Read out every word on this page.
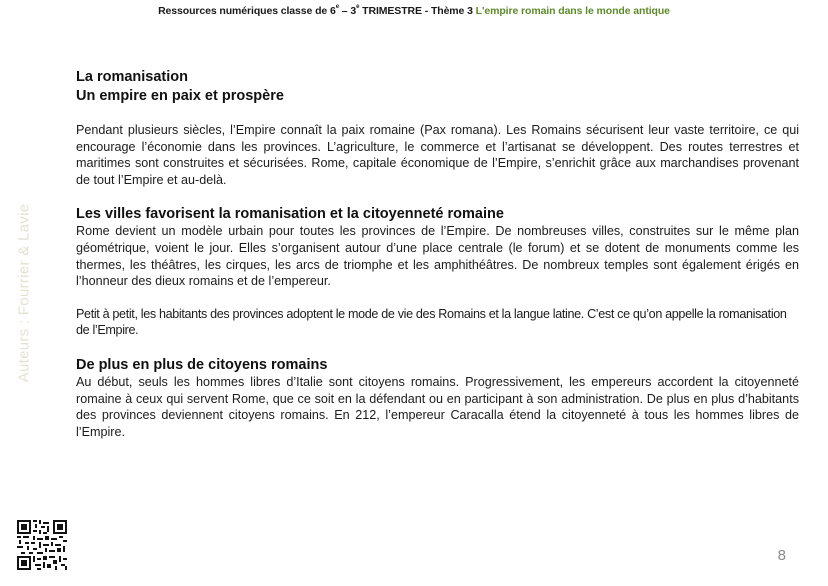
Ressources numériques classe de 6e – 3e TRIMESTRE - Thème 3 L'empire romain dans le monde antique
Auteurs : Fourrier & Lavie
La romanisation
Un empire en paix et prospère

Pendant plusieurs siècles, l’Empire connaît la paix romaine (Pax romana). Les Romains sécurisent leur vaste territoire, ce qui encourage l’économie dans les provinces. L’agriculture, le commerce et l’artisanat se développent. Des routes terrestres et maritimes sont construites et sécurisées. Rome, capitale économique de l’Empire, s’enrichit grâce aux marchandises provenant de tout l’Empire et au-delà.

Les villes favorisent la romanisation et la citoyenneté romaine

Rome devient un modèle urbain pour toutes les provinces de l’Empire. De nombreuses villes, construites sur le même plan géométrique, voient le jour. Elles s’organisent autour d’une place centrale (le forum) et se dotent de monuments comme les thermes, les théâtres, les cirques, les arcs de triomphe et les amphithéâtres. De nombreux temples sont également érigés en l’honneur des dieux romains et de l’empereur.

Petit à petit, les habitants des provinces adoptent le mode de vie des Romains et la langue latine. C’est ce qu’on appelle la romanisation de l’Empire.

De plus en plus de citoyens romains

Au début, seuls les hommes libres d’Italie sont citoyens romains. Progressivement, les empereurs accordent la citoyenneté romaine à ceux qui servent Rome, que ce soit en la défendant ou en participant à son administration. De plus en plus d’habitants des provinces deviennent citoyens romains. En 212, l’empereur Caracalla étend la citoyenneté à tous les hommes libres de l’Empire.

8
